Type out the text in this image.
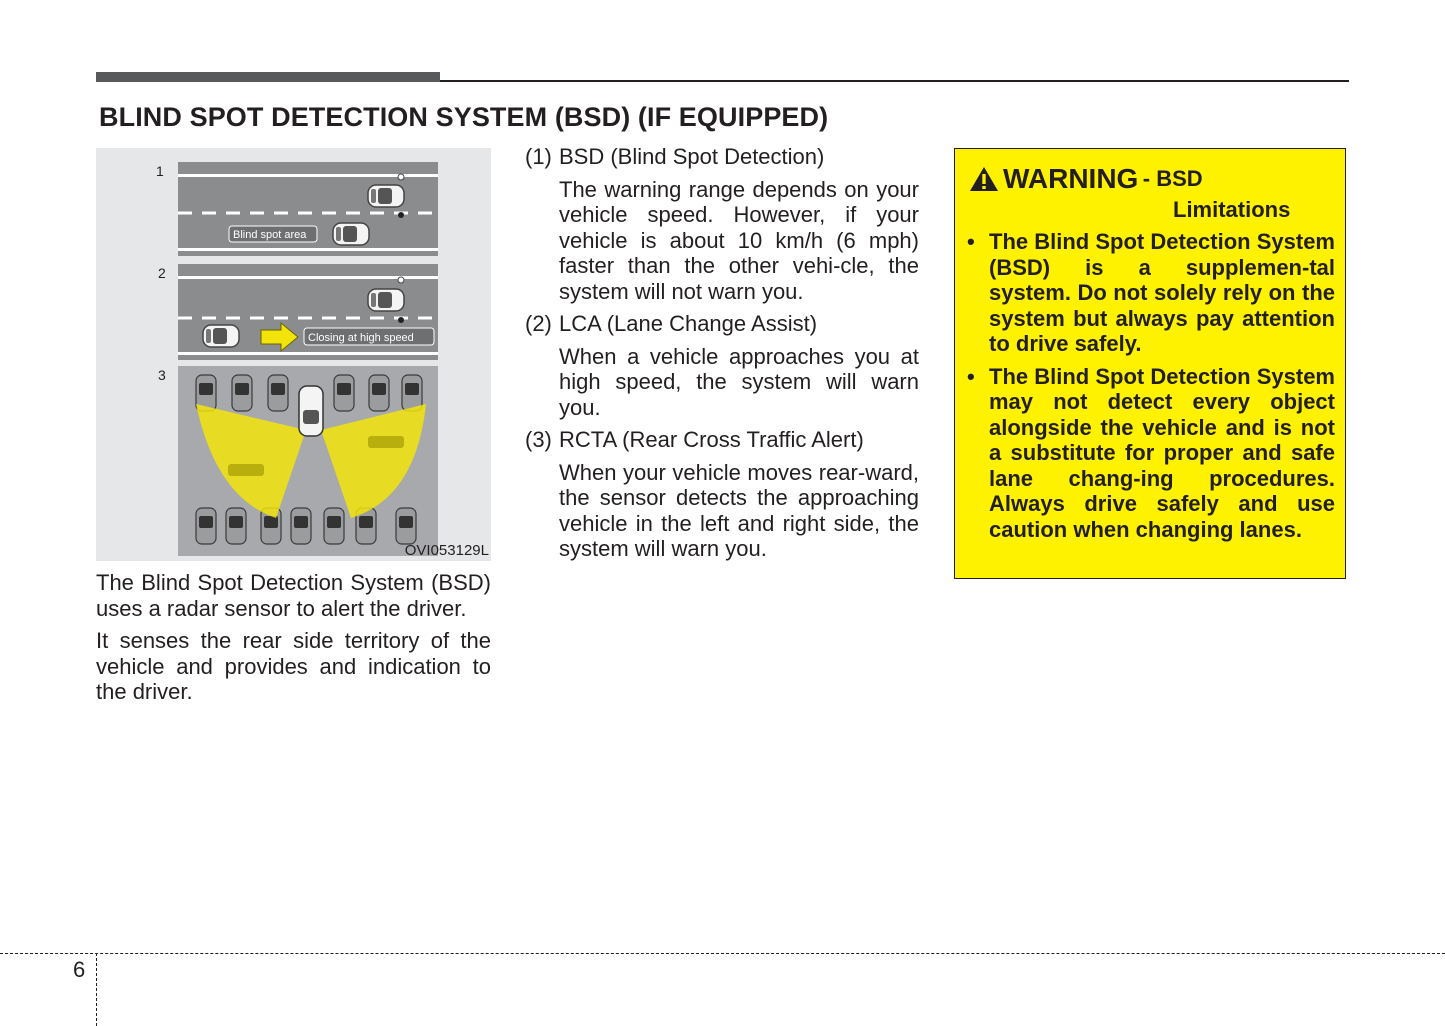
BLIND SPOT DETECTION SYSTEM (BSD) (IF EQUIPPED)
1
Blind spot area
2
Closing at high speed
3
OVI053129L

The Blind Spot Detection System (BSD) uses a radar sensor to alert the driver.

It senses the rear side territory of the vehicle and provides and indication to the driver.

(1) BSD (Blind Spot Detection)

The warning range depends on your vehicle speed. However, if your vehicle is about 10 km/h (6 mph) faster than the other vehi-cle, the system will not warn you.

(2) LCA (Lane Change Assist)

When a vehicle approaches you at high speed, the system will warn you.

(3) RCTA (Rear Cross Traffic Alert)

When your vehicle moves rear-ward, the sensor detects the approaching vehicle in the left and right side, the system will warn you.

WARNING - BSD
Limitations
• The Blind Spot Detection System (BSD) is a supplemen-tal system. Do not solely rely on the system but always pay attention to drive safely.
• The Blind Spot Detection System may not detect every object alongside the vehicle and is not a substitute for proper and safe lane chang-ing procedures. Always drive safely and use caution when changing lanes.
6
